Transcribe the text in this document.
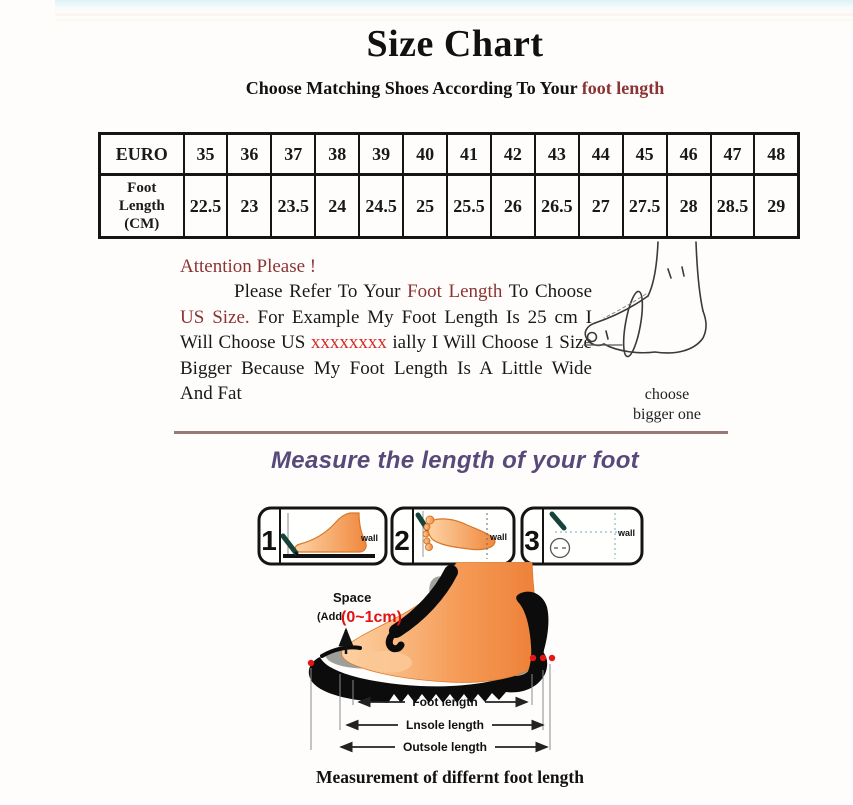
Size Chart
Choose Matching Shoes According To Your foot length
EURO	35	36	37	38	39	40	41	42	43	44	45	46	47	48

Foot
Length
(CM)	22.5	23	23.5	24	24.5	25	25.5	26	26.5	27	27.5	28	28.5	29
Attention Please !
Please Refer To Your Foot Length To Choose
US Size. For Example My Foot Length Is 25 cm I
Will Choose US xxxxxxxx ially I Will Choose 1 Size
Bigger Because My Foot Length Is A Little Wide
And Fat	choose
bigger one
Measure the length of your foot
1	wall 2	wall 3	wall
Space
(Add
(0~1cm)
Foot length
Lnsole length
Outsole length
Measurement of differnt foot length
